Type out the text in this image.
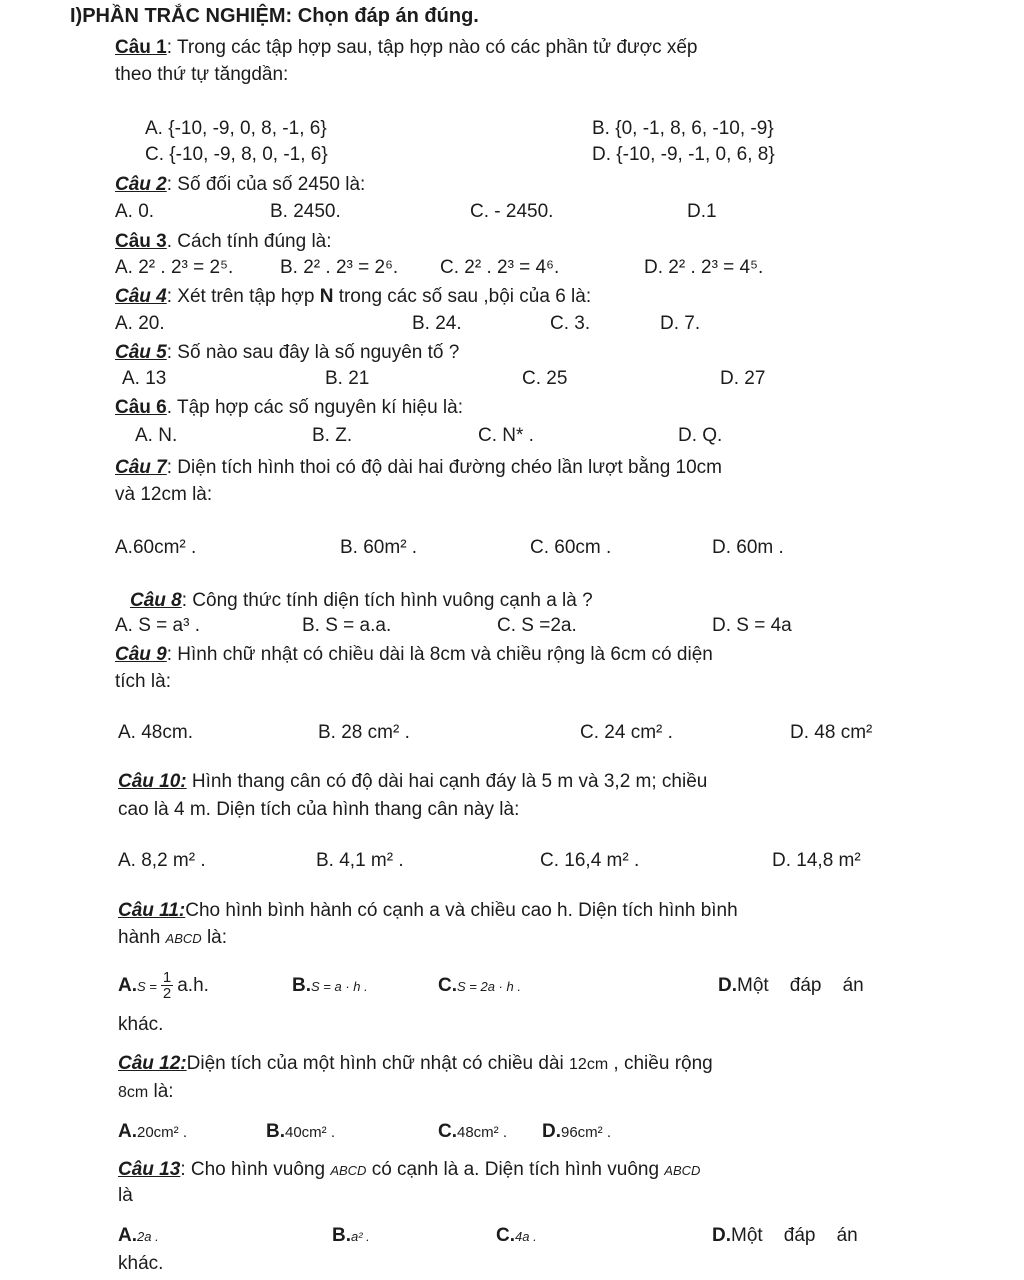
I)PHẦN TRẮC NGHIỆM: Chọn đáp án đúng.
Câu 1: Trong các tập hợp sau, tập hợp nào có các phần tử được xếp
theo thứ tự tăngdần:
A. {-10, -9, 0, 8, -1, 6}	B. {0, -1, 8, 6, -10, -9}
C. {-10, -9, 8, 0, -1, 6}	D. {-10, -9, -1, 0, 6, 8}
Câu 2: Số đối của số 2450 là:
A. 0.	B. 2450.	C. - 2450.	D.1
Câu 3. Cách tính đúng là:
A. 2² . 2³ = 2⁵. B. 2² . 2³ = 2⁶. C. 2² . 2³ = 4⁶.	D. 2² . 2³ = 4⁵.
Câu 4: Xét trên tập hợp N trong các số sau ,bội của 6 là:
A. 20.	B. 24.	C. 3.	D. 7.
Câu 5: Số nào sau đây là số nguyên tố ?
A. 13	B. 21	C. 25	D. 27
Câu 6. Tập hợp các số nguyên kí hiệu là:
A. N.	B. Z.	C. N* .	D. Q.
Câu 7: Diện tích hình thoi có độ dài hai đường chéo lần lượt bằng 10cm
và 12cm là:
A.60cm² .	B. 60m² .	C. 60cm .	D. 60m .
Câu 8: Công thức tính diện tích hình vuông cạnh a là ?
A. S = a³ .	B. S = a.a.	C. S =2a.	D. S = 4a
Câu 9: Hình chữ nhật có chiều dài là 8cm và chiều rộng là 6cm có diện
tích là:
A. 48cm.	B. 28 cm² .	C. 24 cm² .	D. 48 cm²
Câu 10: Hình thang cân có độ dài hai cạnh đáy là 5 m và 3,2 m; chiều
cao là 4 m. Diện tích của hình thang cân này là:
A. 8,2 m² .	B. 4,1 m² .	C. 16,4 m² .	D. 14,8 m²
Câu 11:Cho hình bình hành có cạnh a và chiều cao h. Diện tích hình bình
hành ABCD là:
$A.S = \frac{1}{2} a.h$.	B.S = a · h .	C.S = 2a · h .	D.Một    đáp    án
khác.
Câu 12:Diện tích của một hình chữ nhật có chiều dài 12cm , chiều rộng
8cm là:
A.20cm² .	B.40cm² .	C.48cm² . D.96cm² .
Câu 13: Cho hình vuông ABCD có cạnh là a. Diện tích hình vuông ABCD
là
A.2a .	B.a² .	C.4a .	D.Một    đáp    án
khác.
